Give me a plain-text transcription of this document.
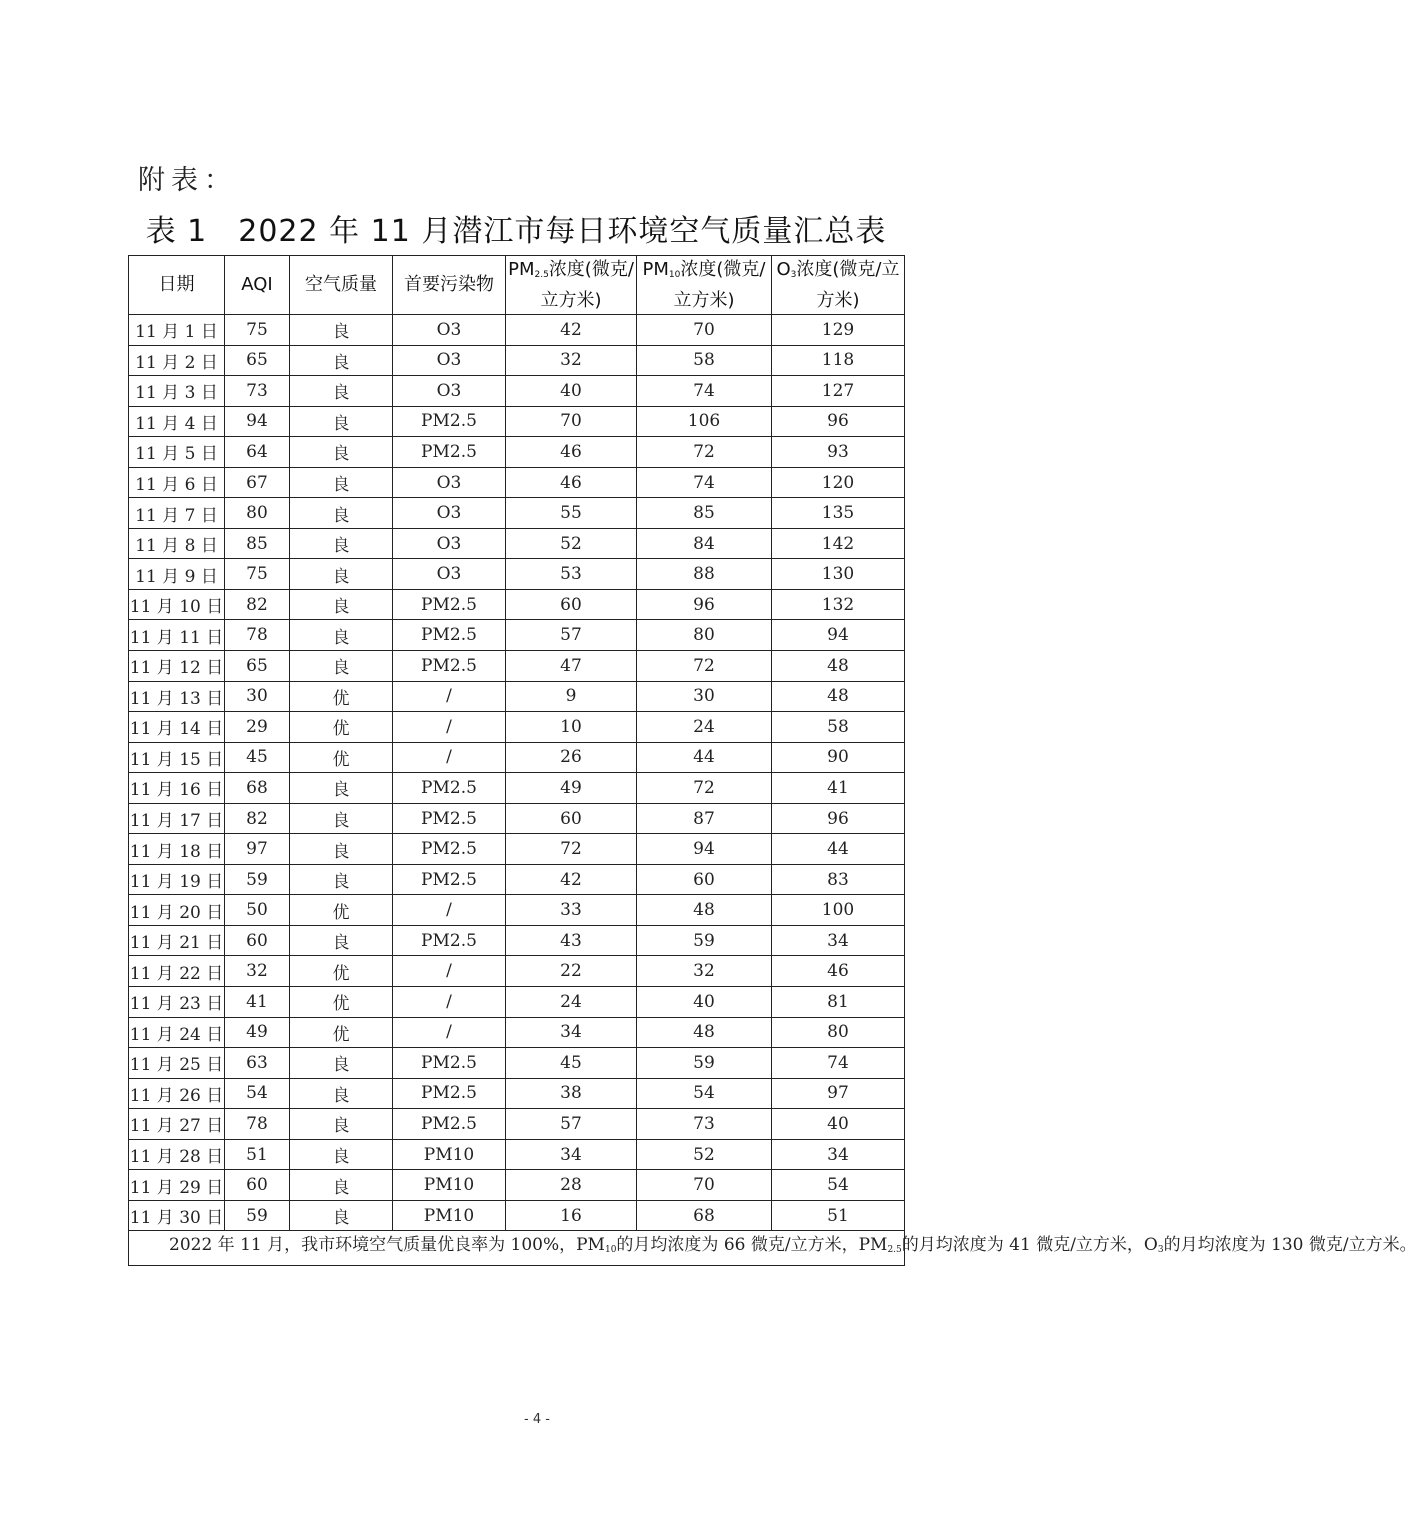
附表：
表 1　2022 年 11 月潜江市每日环境空气质量汇总表
日期	AQI	空气质量	首要污染物	$PM_{2.5}$浓度(微克/立方米)	$PM_{10}$浓度(微克/立方米)	$O_3$浓度(微克/立方米)
11 月 1 日	75	良	O3	42	70	129
11 月 2 日	65	良	O3	32	58	118
11 月 3 日	73	良	O3	40	74	127
11 月 4 日	94	良	PM2.5	70	106	96
11 月 5 日	64	良	PM2.5	46	72	93
11 月 6 日	67	良	O3	46	74	120
11 月 7 日	80	良	O3	55	85	135
11 月 8 日	85	良	O3	52	84	142
11 月 9 日	75	良	O3	53	88	130
11 月 10 日	82	良	PM2.5	60	96	132
11 月 11 日	78	良	PM2.5	57	80	94
11 月 12 日	65	良	PM2.5	47	72	48
11 月 13 日	30	优	/	9	30	48
11 月 14 日	29	优	/	10	24	58
11 月 15 日	45	优	/	26	44	90
11 月 16 日	68	良	PM2.5	49	72	41
11 月 17 日	82	良	PM2.5	60	87	96
11 月 18 日	97	良	PM2.5	72	94	44
11 月 19 日	59	良	PM2.5	42	60	83
11 月 20 日	50	优	/	33	48	100
11 月 21 日	60	良	PM2.5	43	59	34
11 月 22 日	32	优	/	22	32	46
11 月 23 日	41	优	/	24	40	81
11 月 24 日	49	优	/	34	48	80
11 月 25 日	63	良	PM2.5	45	59	74
11 月 26 日	54	良	PM2.5	38	54	97
11 月 27 日	78	良	PM2.5	57	73	40
11 月 28 日	51	良	PM10	34	52	34
11 月 29 日	60	良	PM10	28	70	54
11 月 30 日	59	良	PM10	16	68	51
2022 年 11 月，我市环境空气质量优良率为 100%，$PM_{10}$的月均浓度为 66 微克/立方米，$PM_{2.5}$的月均浓度为 41 微克/立方米，$O_3$的月均浓度为 130 微克/立方米。						
- 4 -
